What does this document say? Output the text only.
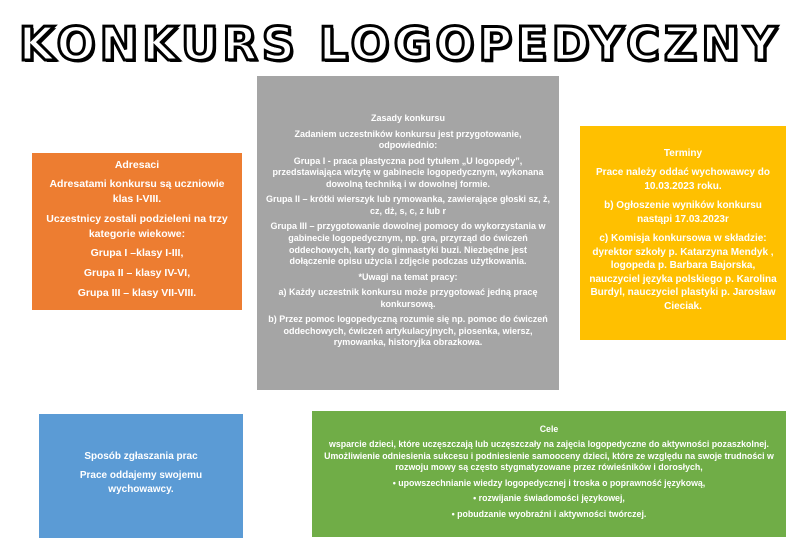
KONKURS LOGOPEDYCZNY

Adresaci

Adresatami konkursu są uczniowie klas I-VIII.

Uczestnicy zostali podzieleni na trzy kategorie wiekowe:

Grupa I –klasy I-III,

Grupa II – klasy IV-VI,

Grupa III – klasy VII-VIII.

Zasady konkursu

Zadaniem uczestników konkursu jest przygotowanie, odpowiednio:

Grupa I - praca plastyczna pod tytułem „U logopedy”, przedstawiająca wizytę w gabinecie logopedycznym, wykonana dowolną techniką i w dowolnej formie.

Grupa II – krótki wierszyk lub rymowanka, zawierające głoski sz, ż, cz, dż, s, c, z lub r

Grupa III – przygotowanie dowolnej pomocy do wykorzystania w gabinecie logopedycznym, np. gra, przyrząd do ćwiczeń oddechowych, karty do gimnastyki buzi. Niezbędne jest dołączenie opisu użycia i zdjęcie podczas użytkowania.

*Uwagi na temat pracy:

a) Każdy uczestnik konkursu może przygotować jedną pracę konkursową.

b) Przez pomoc logopedyczną rozumie się np. pomoc do ćwiczeń oddechowych, ćwiczeń artykulacyjnych, piosenka, wiersz, rymowanka, historyjka obrazkowa.

Terminy

Prace należy oddać wychowawcy do 10.03.2023 roku.

b) Ogłoszenie wyników konkursu nastąpi 17.03.2023r

c) Komisja konkursowa w składzie: dyrektor szkoły p. Katarzyna Mendyk , logopeda p. Barbara Bajorska, nauczyciel języka polskiego p. Karolina Burdyl, nauczyciel plastyki p. Jarosław Cieciak.

Sposób zgłaszania prac

Prace oddajemy swojemu wychowawcy.

Cele

wsparcie dzieci, które uczęszczają lub uczęszczały na zajęcia logopedyczne do aktywności pozaszkolnej. Umożliwienie odniesienia sukcesu i podniesienie samooceny dzieci, które ze względu na swoje trudności w rozwoju mowy są często stygmatyzowane przez rówieśników i dorosłych,

• upowszechnianie wiedzy logopedycznej i troska o poprawność językową,

• rozwijanie świadomości językowej,

• pobudzanie wyobraźni i aktywności twórczej.
